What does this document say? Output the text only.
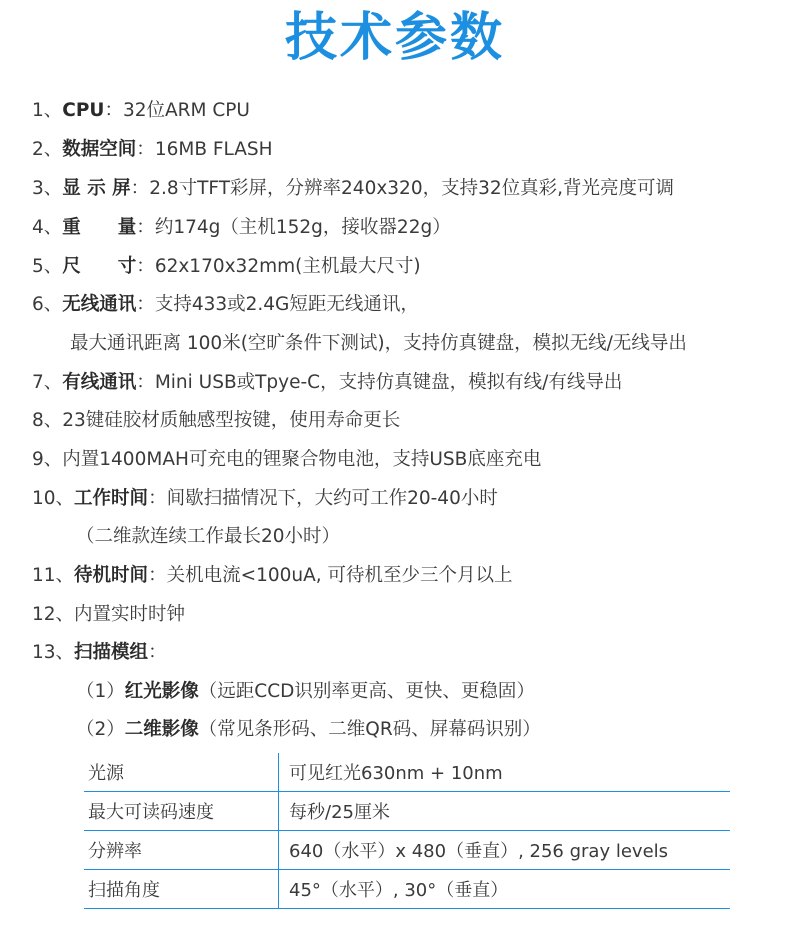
技术参数
1、CPU：32位ARM CPU
2、数据空间：16MB FLASH
3、显 示 屏：2.8寸TFT彩屏，分辨率240x320，支持32位真彩,背光亮度可调
4、重　　量：约174g（主机152g，接收器22g）
5、尺　　寸：62x170x32mm(主机最大尺寸)
6、无线通讯：支持433或2.4G短距无线通讯，
最大通讯距离 100米(空旷条件下测试)，支持仿真键盘，模拟无线/无线导出
7、有线通讯：Mini USB或Tpye-C，支持仿真键盘，模拟有线/有线导出
8、23键硅胶材质触感型按键，使用寿命更长
9、内置1400MAH可充电的锂聚合物电池，支持USB底座充电
10、工作时间：间歇扫描情况下，大约可工作20-40小时
（二维款连续工作最长20小时）
11、待机时间：关机电流<100uA, 可待机至少三个月以上
12、内置实时时钟
13、扫描模组：
（1）红光影像（远距CCD识别率更高、更快、更稳固）
（2）二维影像（常见条形码、二维QR码、屏幕码识别）
光源	可见红光630nm + 10nm
最大可读码速度	每秒/25厘米
分辨率	640（水平）x 480（垂直）, 256 gray levels
扫描角度	45°（水平）, 30°（垂直）
